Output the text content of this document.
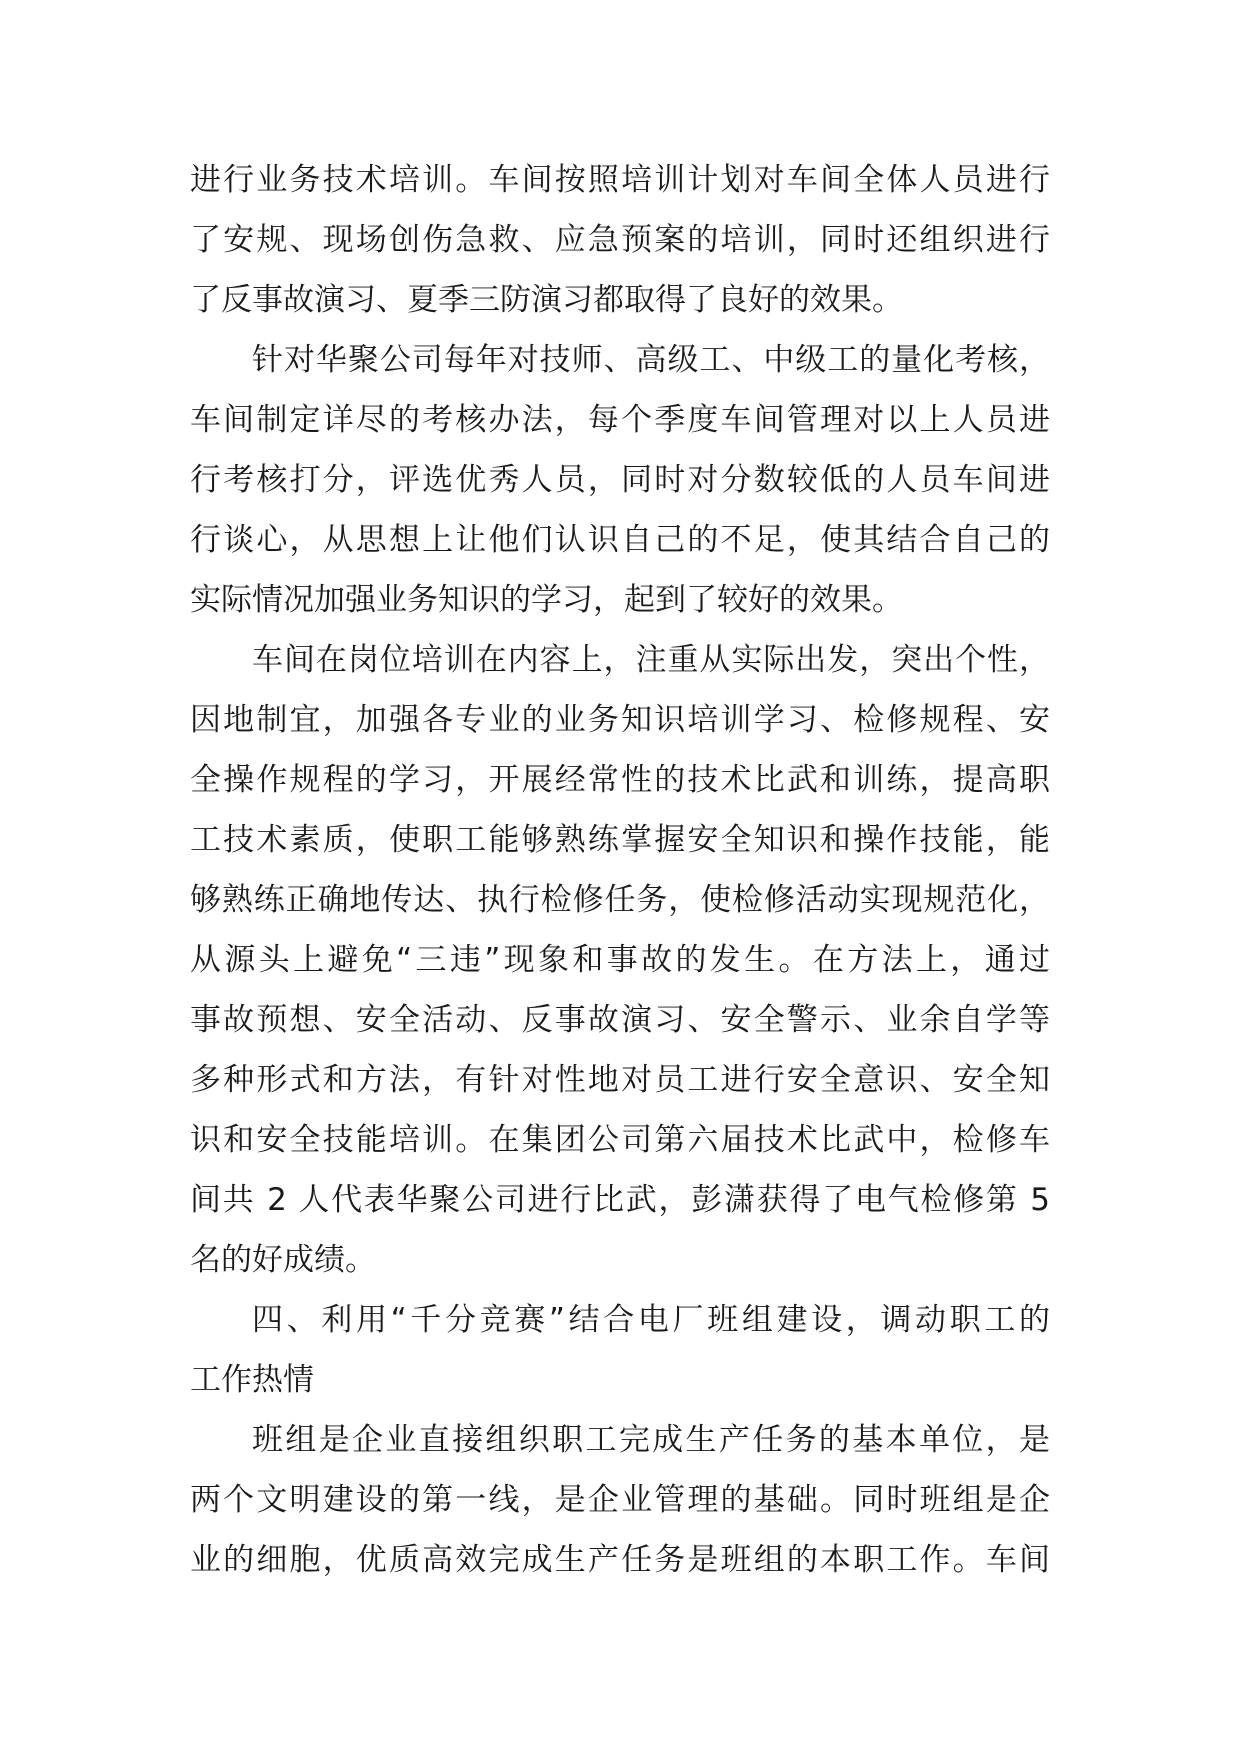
进行业务技术培训。车间按照培训计划对车间全体人员进行
了安规、现场创伤急救、应急预案的培训，同时还组织进行
了反事故演习、夏季三防演习都取得了良好的效果。
针对华聚公司每年对技师、高级工、中级工的量化考核，
车间制定详尽的考核办法，每个季度车间管理对以上人员进
行考核打分，评选优秀人员，同时对分数较低的人员车间进
行谈心，从思想上让他们认识自己的不足，使其结合自己的
实际情况加强业务知识的学习，起到了较好的效果。
车间在岗位培训在内容上，注重从实际出发，突出个性，
因地制宜，加强各专业的业务知识培训学习、检修规程、安
全操作规程的学习，开展经常性的技术比武和训练，提高职
工技术素质，使职工能够熟练掌握安全知识和操作技能，能
够熟练正确地传达、执行检修任务，使检修活动实现规范化，
从源头上避免“三违”现象和事故的发生。在方法上，通过
事故预想、安全活动、反事故演习、安全警示、业余自学等
多种形式和方法，有针对性地对员工进行安全意识、安全知
识和安全技能培训。在集团公司第六届技术比武中，检修车
间共 2 人代表华聚公司进行比武，彭潇获得了电气检修第 5
名的好成绩。
四、利用“千分竞赛”结合电厂班组建设，调动职工的
工作热情
班组是企业直接组织职工完成生产任务的基本单位，是
两个文明建设的第一线，是企业管理的基础。同时班组是企
业的细胞，优质高效完成生产任务是班组的本职工作。车间
